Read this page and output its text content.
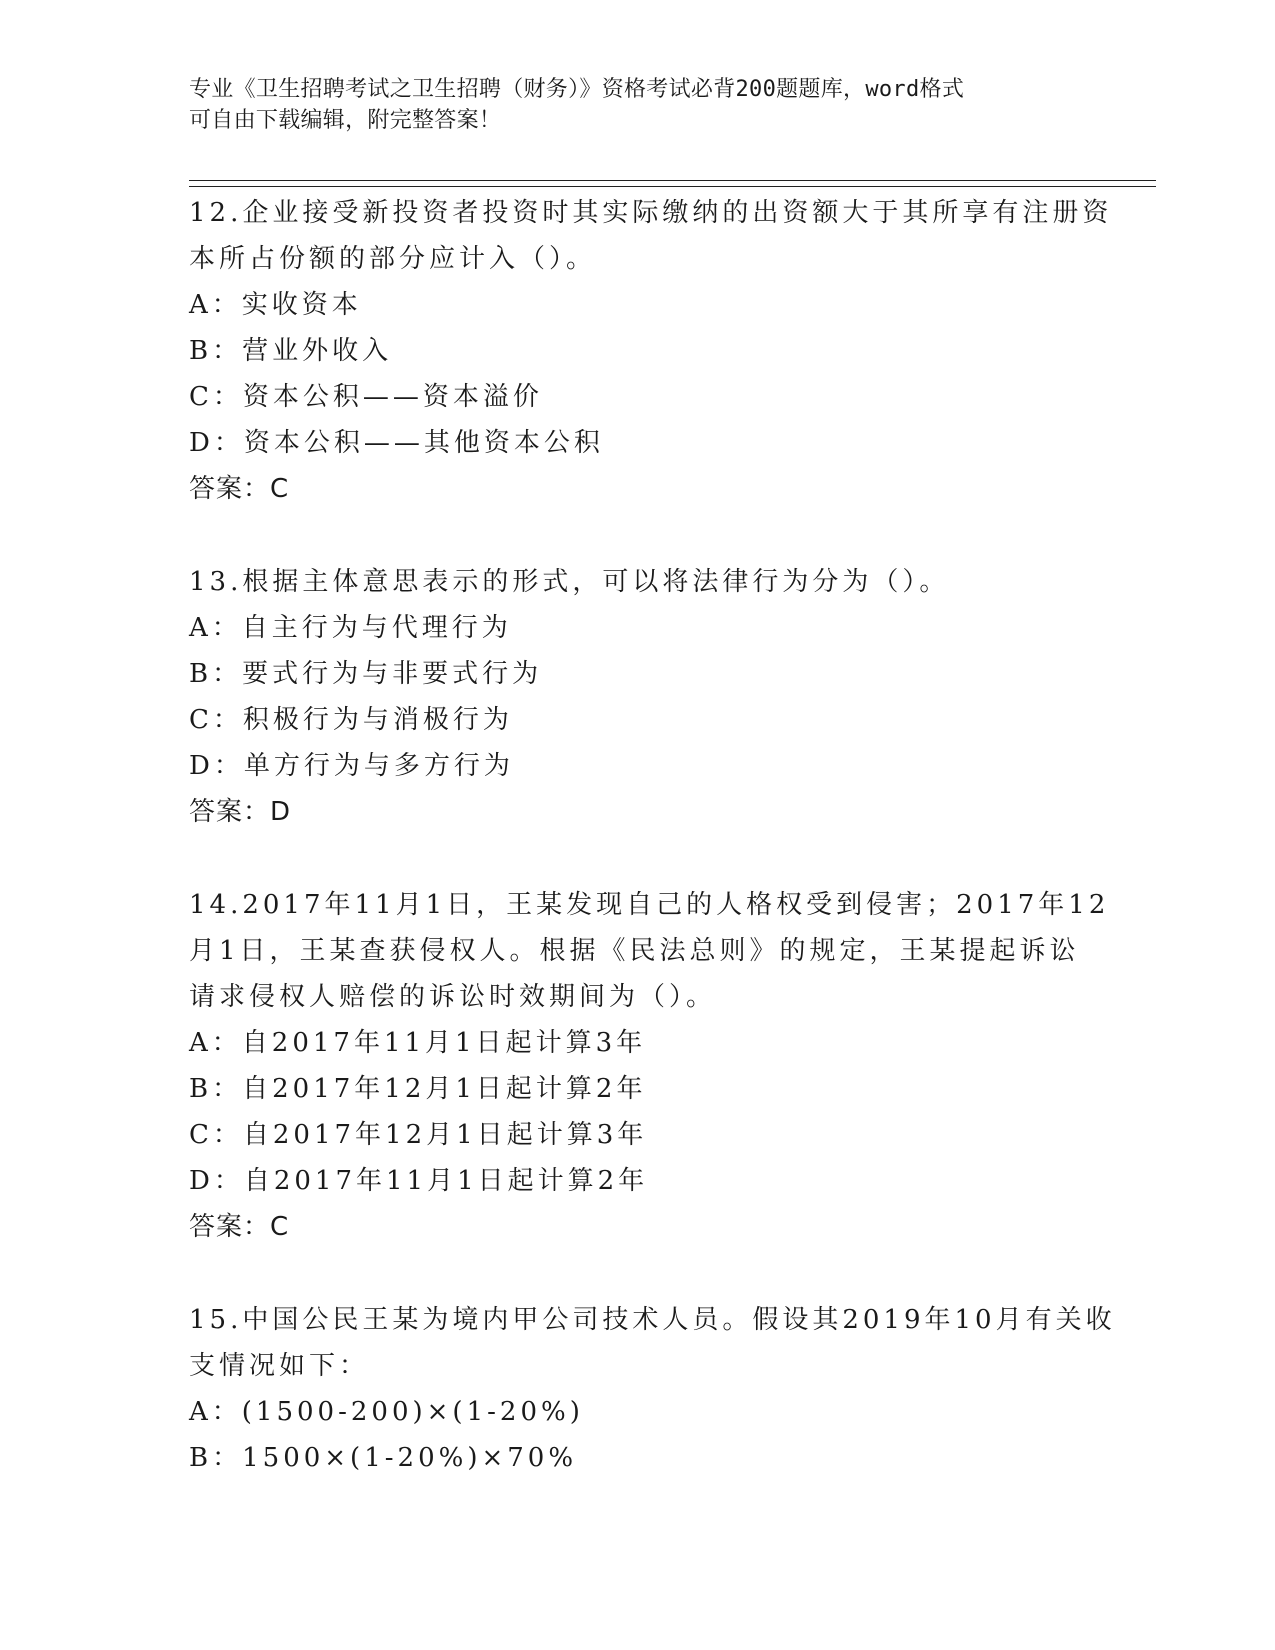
专业《卫生招聘考试之卫生招聘（财务）》资格考试必背200题题库，word格式
可自由下载编辑，附完整答案！
12.企业接受新投资者投资时其实际缴纳的出资额大于其所享有注册资
本所占份额的部分应计入（）。
A：实收资本
B：营业外收入
C：资本公积——资本溢价
D：资本公积——其他资本公积
答案：C
13.根据主体意思表示的形式，可以将法律行为分为（）。
A：自主行为与代理行为
B：要式行为与非要式行为
C：积极行为与消极行为
D：单方行为与多方行为
答案：D
14.2017年11月1日，王某发现自己的人格权受到侵害；2017年12
月1日，王某查获侵权人。根据《民法总则》的规定，王某提起诉讼
请求侵权人赔偿的诉讼时效期间为（）。
A：自2017年11月1日起计算3年
B：自2017年12月1日起计算2年
C：自2017年12月1日起计算3年
D：自2017年11月1日起计算2年
答案：C
15.中国公民王某为境内甲公司技术人员。假设其2019年10月有关收
支情况如下：
A：(1500-200)×(1-20%)
B：1500×(1-20%)×70%
